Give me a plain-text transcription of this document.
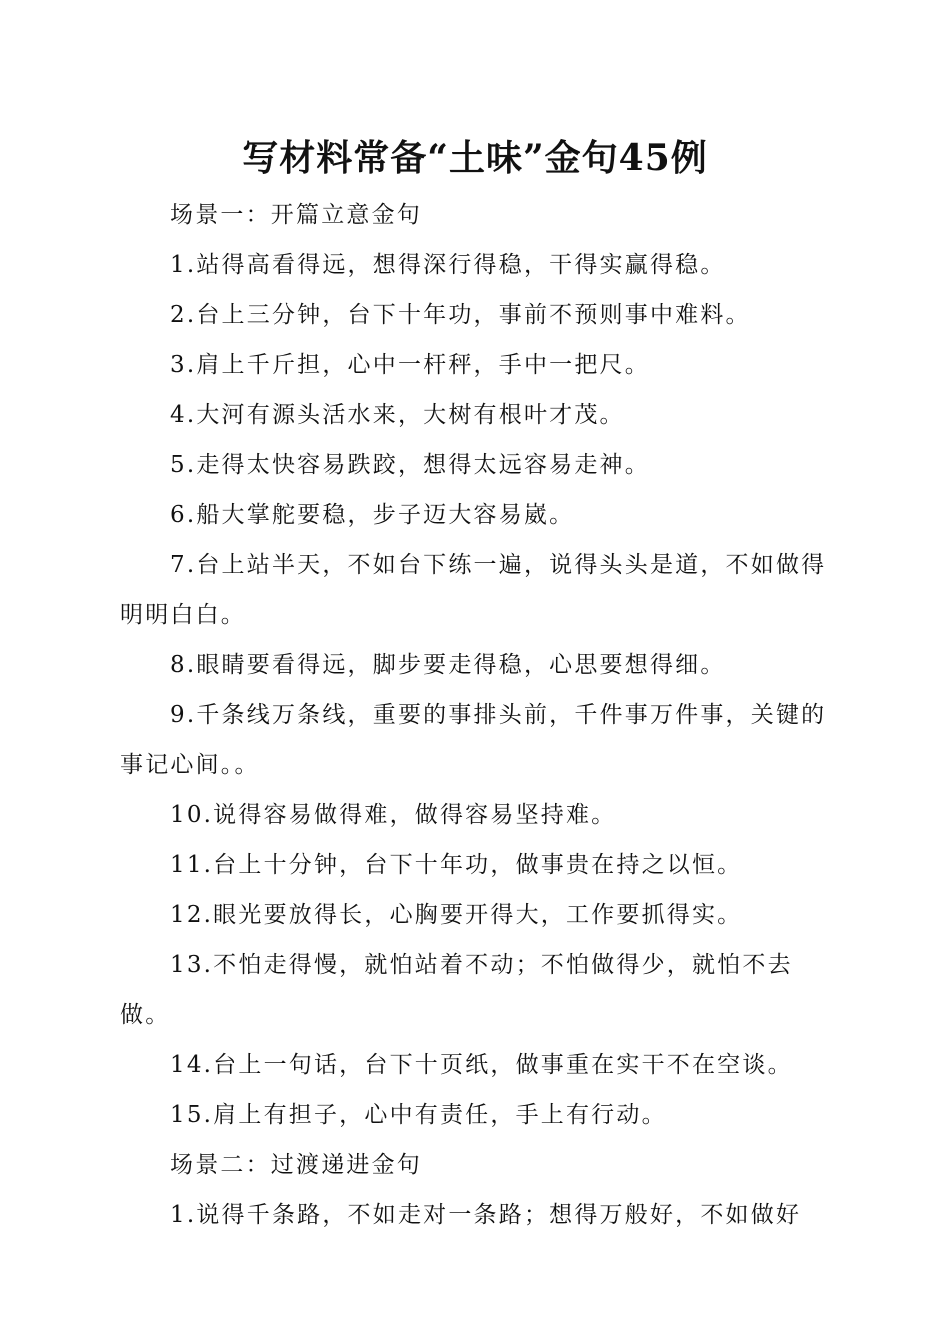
写材料常备“土味”金句45例

场景一：开篇立意金句

1.站得高看得远，想得深行得稳，干得实赢得稳。

2.台上三分钟，台下十年功，事前不预则事中难料。

3.肩上千斤担，心中一杆秤，手中一把尺。

4.大河有源头活水来，大树有根叶才茂。

5.走得太快容易跌跤，想得太远容易走神。

6.船大掌舵要稳，步子迈大容易崴。

7.台上站半天，不如台下练一遍，说得头头是道，不如做得明明白白。

8.眼睛要看得远，脚步要走得稳，心思要想得细。

9.千条线万条线，重要的事排头前，千件事万件事，关键的事记心间。。

10.说得容易做得难，做得容易坚持难。

11.台上十分钟，台下十年功，做事贵在持之以恒。

12.眼光要放得长，心胸要开得大，工作要抓得实。

13.不怕走得慢，就怕站着不动；不怕做得少，就怕不去做。

14.台上一句话，台下十页纸，做事重在实干不在空谈。

15.肩上有担子，心中有责任，手上有行动。

场景二：过渡递进金句

1.说得千条路，不如走对一条路；想得万般好，不如做好
